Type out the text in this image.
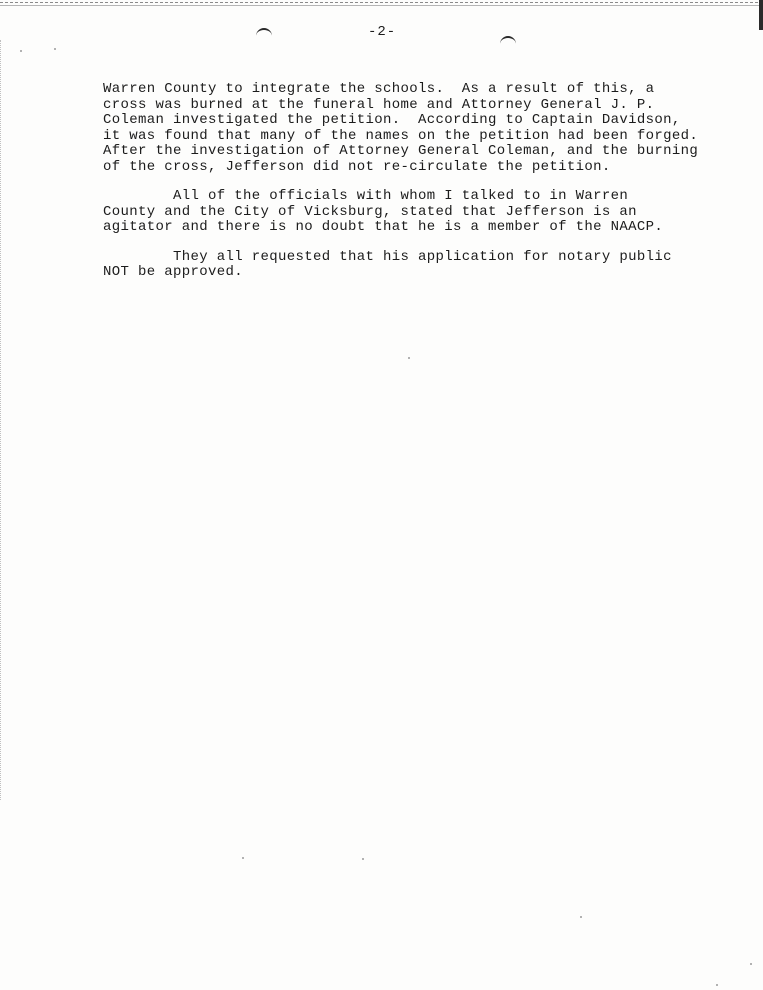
-2-

Warren County to integrate the schools.  As a result of this, a
cross was burned at the funeral home and Attorney General J. P.
Coleman investigated the petition.  According to Captain Davidson,
it was found that many of the names on the petition had been forged.
After the investigation of Attorney General Coleman, and the burning
of the cross, Jefferson did not re-circulate the petition.

All of the officials with whom I talked to in Warren
County and the City of Vicksburg, stated that Jefferson is an
agitator and there is no doubt that he is a member of the NAACP.

They all requested that his application for notary public
NOT be approved.
